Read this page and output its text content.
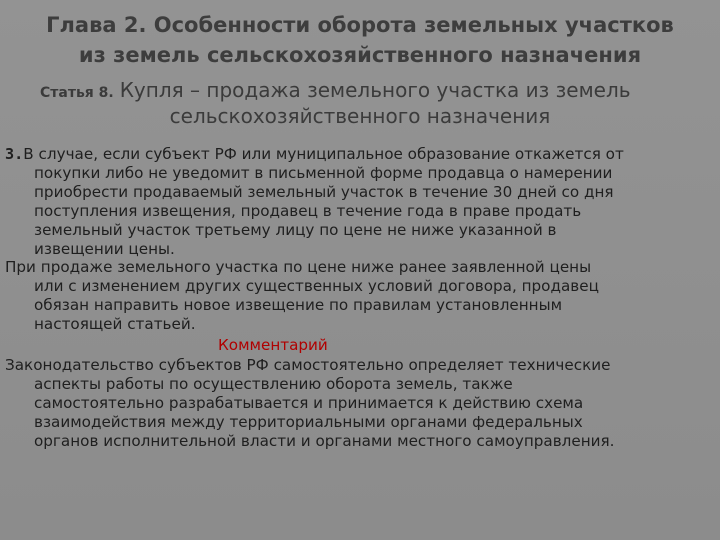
Глава 2. Особенности оборота земельных участков
из земель сельскохозяйственного назначения
Статья 8. Купля – продажа земельного участка из земель
сельскохозяйственного назначения
3.В случае, если субъект РФ или муниципальное образование откажется от
покупки либо не уведомит в письменной форме продавца о намерении
приобрести продаваемый земельный участок в течение 30 дней со дня
поступления извещения, продавец в течение года в праве продать
земельный участок третьему лицу по цене не ниже указанной в
извещении цены.
При продаже земельного участка по цене ниже ранее заявленной цены
или с изменением других существенных условий договора, продавец
обязан направить новое извещение по правилам установленным
настоящей статьей.
Комментарий
Законодательство субъектов РФ самостоятельно определяет технические
аспекты работы по осуществлению оборота земель, также
самостоятельно разрабатывается и принимается к действию схема
взаимодействия между территориальными органами федеральных
органов исполнительной власти и органами местного самоуправления.
